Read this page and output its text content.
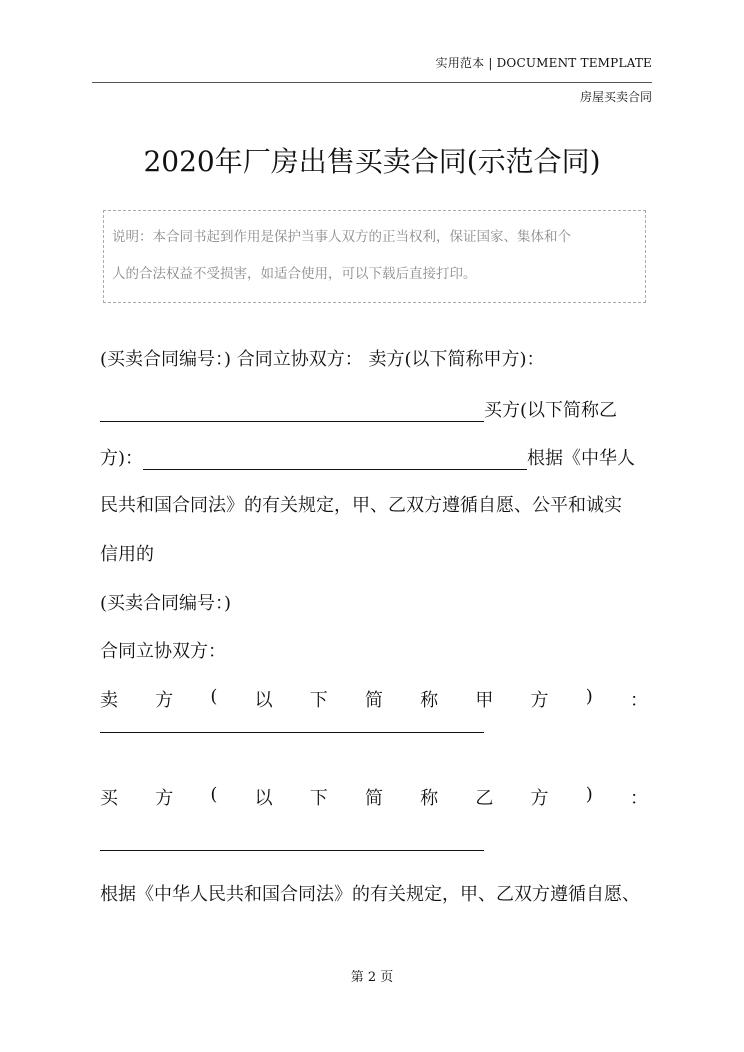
实用范本 | DOCUMENT TEMPLATE
房屋买卖合同
2020年厂房出售买卖合同(示范合同)

说明：本合同书起到作用是保护当事人双方的正当权利，保证国家、集体和个

人的合法权益不受损害，如适合使用，可以下载后直接打印。

(买卖合同编号：) 合同立协双方： 卖方(以下简称甲方)：
买方(以下简称乙
方)：	根据《中华人
民共和国合同法》的有关规定，甲、乙双方遵循自愿、公平和诚实
信用的
(买卖合同编号：)
合同立协双方：
卖 方 ( 以 下 简 称 甲 方 ) ：
买 方 ( 以 下 简 称 乙 方 ) ：
根据《中华人民共和国合同法》的有关规定，甲、乙双方遵循自愿、
第 2 页
